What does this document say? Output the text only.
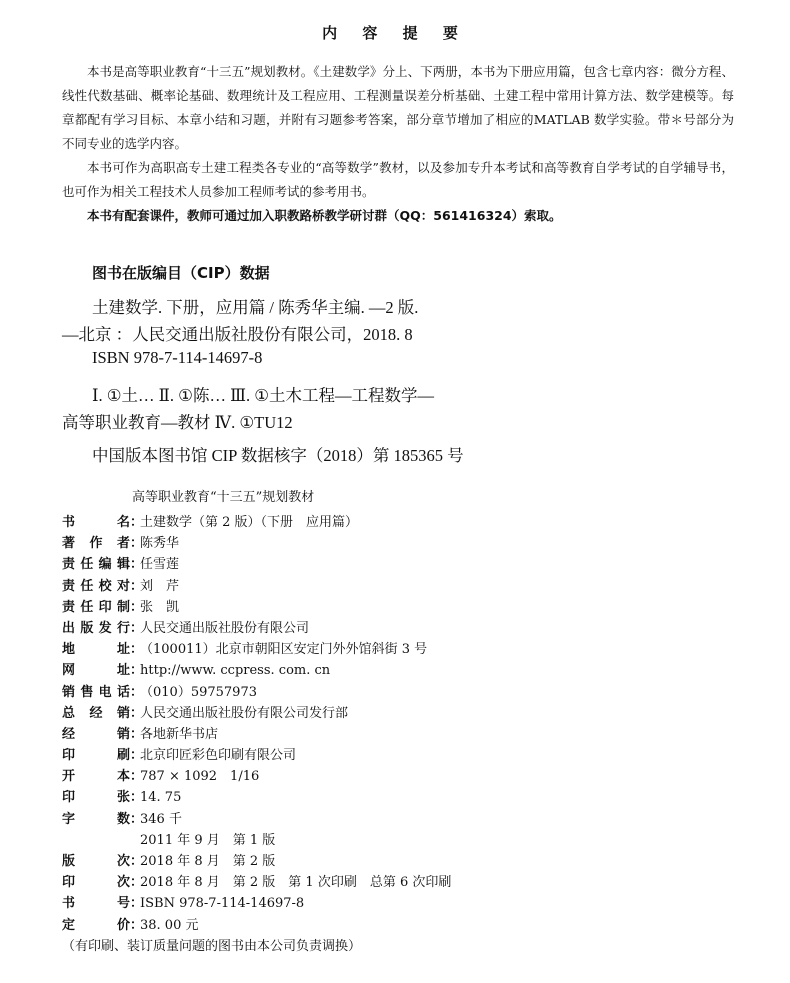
内 容 提 要

本书是高等职业教育“十三五”规划教材。《土建数学》分上、下两册，本书为下册应用篇，包含七章内容：微分方程、线性代数基础、概率论基础、数理统计及工程应用、工程测量误差分析基础、土建工程中常用计算方法、数学建模等。每章都配有学习目标、本章小结和习题，并附有习题参考答案，部分章节增加了相应的MATLAB 数学实验。带＊号部分为不同专业的选学内容。

本书可作为高职高专土建工程类各专业的“高等数学”教材，以及参加专升本考试和高等教育自学考试的自学辅导书，也可作为相关工程技术人员参加工程师考试的参考用书。

本书有配套课件，教师可通过加入职教路桥教学研讨群（QQ：561416324）索取。

图书在版编目（CIP）数据
土建数学. 下册，应用篇 / 陈秀华主编. —2 版.
—北京 ：人民交通出版社股份有限公司，2018. 8
ISBN 978-7-114-14697-8
Ⅰ. ①土… Ⅱ. ①陈… Ⅲ. ①土木工程—工程数学—
高等职业教育—教材 Ⅳ. ①TU12
中国版本图书馆 CIP 数据核字（2018）第 185365 号
高等职业教育“十三五”规划教材
书　　名 ：
土建数学（第 2 版）（下册　应用篇）
著 作 者 ：
陈秀华
责任编辑 ：
任雪莲
责任校对 ：
刘　芹
责任印制 ：
张　凯
出版发行 ：
人民交通出版社股份有限公司
地　　址 ：
（100011）北京市朝阳区安定门外外馆斜街 3 号
网　　址 ：
http://www. ccpress. com. cn
销售电话 ：
（010）59757973
总 经 销 ：
人民交通出版社股份有限公司发行部
经　　销 ：
各地新华书店
印　　刷 ：
北京印匠彩色印刷有限公司
开　　本 ：
787 × 1092　1/16
印　　张 ：
14. 75
字　　数 ：
346 千
2011 年 9 月　第 1 版
版　　次 ：
2018 年 8 月　第 2 版
印　　次 ：
2018 年 8 月　第 2 版　第 1 次印刷　总第 6 次印刷
书　　号 ：
ISBN 978-7-114-14697-8
定　　价 ：
38. 00 元
（有印刷、装订质量问题的图书由本公司负责调换）
